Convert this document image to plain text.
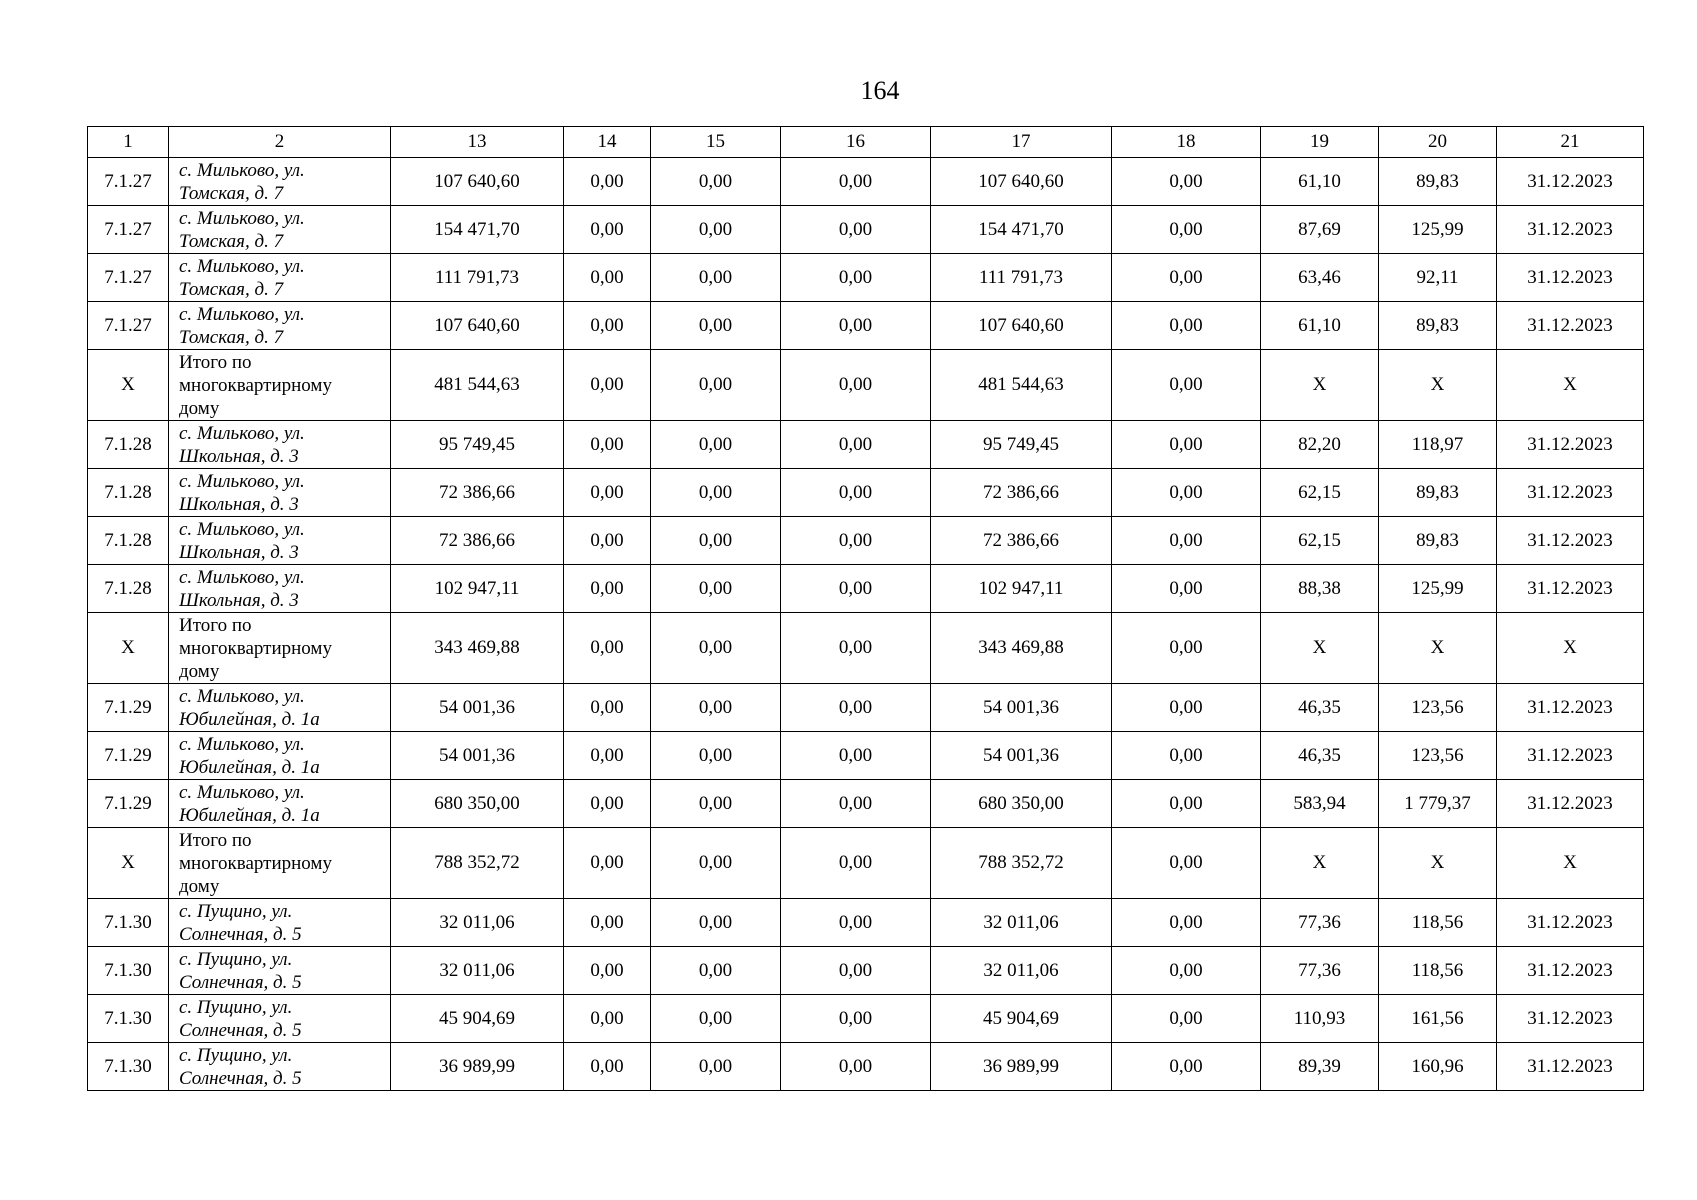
164
1	2	13	14	15	16	17	18	19	20	21
7.1.27	с. Мильково, ул.
Томская, д. 7	107 640,60	0,00	0,00	0,00	107 640,60	0,00	61,10	89,83	31.12.2023
7.1.27	с. Мильково, ул.
Томская, д. 7	154 471,70	0,00	0,00	0,00	154 471,70	0,00	87,69	125,99	31.12.2023
7.1.27	с. Мильково, ул.
Томская, д. 7	111 791,73	0,00	0,00	0,00	111 791,73	0,00	63,46	92,11	31.12.2023
7.1.27	с. Мильково, ул.
Томская, д. 7	107 640,60	0,00	0,00	0,00	107 640,60	0,00	61,10	89,83	31.12.2023
X	Итого по
многоквартирному
дому	481 544,63	0,00	0,00	0,00	481 544,63	0,00	X	X	X
7.1.28	с. Мильково, ул.
Школьная, д. 3	95 749,45	0,00	0,00	0,00	95 749,45	0,00	82,20	118,97	31.12.2023
7.1.28	с. Мильково, ул.
Школьная, д. 3	72 386,66	0,00	0,00	0,00	72 386,66	0,00	62,15	89,83	31.12.2023
7.1.28	с. Мильково, ул.
Школьная, д. 3	72 386,66	0,00	0,00	0,00	72 386,66	0,00	62,15	89,83	31.12.2023
7.1.28	с. Мильково, ул.
Школьная, д. 3	102 947,11	0,00	0,00	0,00	102 947,11	0,00	88,38	125,99	31.12.2023
X	Итого по
многоквартирному
дому	343 469,88	0,00	0,00	0,00	343 469,88	0,00	X	X	X
7.1.29	с. Мильково, ул.
Юбилейная, д. 1а	54 001,36	0,00	0,00	0,00	54 001,36	0,00	46,35	123,56	31.12.2023
7.1.29	с. Мильково, ул.
Юбилейная, д. 1а	54 001,36	0,00	0,00	0,00	54 001,36	0,00	46,35	123,56	31.12.2023
7.1.29	с. Мильково, ул.
Юбилейная, д. 1а	680 350,00	0,00	0,00	0,00	680 350,00	0,00	583,94	1 779,37	31.12.2023
X	Итого по
многоквартирному
дому	788 352,72	0,00	0,00	0,00	788 352,72	0,00	X	X	X
7.1.30	с. Пущино, ул.
Солнечная, д. 5	32 011,06	0,00	0,00	0,00	32 011,06	0,00	77,36	118,56	31.12.2023
7.1.30	с. Пущино, ул.
Солнечная, д. 5	32 011,06	0,00	0,00	0,00	32 011,06	0,00	77,36	118,56	31.12.2023
7.1.30	с. Пущино, ул.
Солнечная, д. 5	45 904,69	0,00	0,00	0,00	45 904,69	0,00	110,93	161,56	31.12.2023
7.1.30	с. Пущино, ул.
Солнечная, д. 5	36 989,99	0,00	0,00	0,00	36 989,99	0,00	89,39	160,96	31.12.2023
